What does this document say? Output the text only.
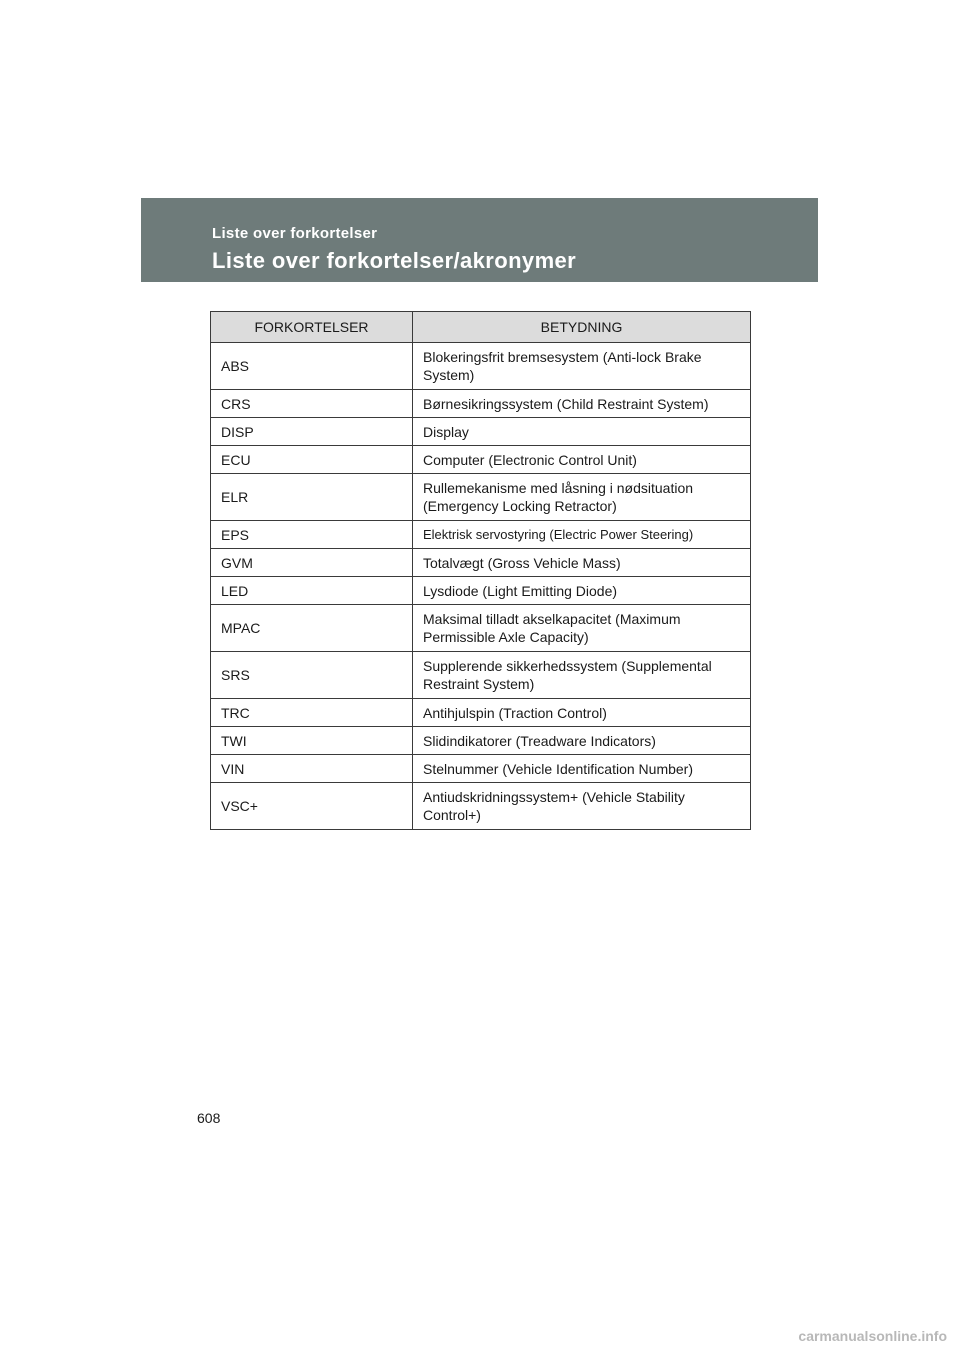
Liste over forkortelser
Liste over forkortelser/akronymer
FORKORTELSER	BETYDNING
ABS	Blokeringsfrit bremsesystem (Anti-lock Brake System)
CRS	Børnesikringssystem (Child Restraint System)
DISP	Display
ECU	Computer (Electronic Control Unit)
ELR	Rullemekanisme med låsning i nødsituation (Emergency Locking Retractor)
EPS	Elektrisk servostyring (Electric Power Steering)
GVM	Totalvægt (Gross Vehicle Mass)
LED	Lysdiode (Light Emitting Diode)
MPAC	Maksimal tilladt akselkapacitet (Maximum Permissible Axle Capacity)
SRS	Supplerende sikkerhedssystem (Supplemental Restraint System)
TRC	Antihjulspin (Traction Control)
TWI	Slidindikatorer (Treadware Indicators)
VIN	Stelnummer (Vehicle Identification Number)
VSC+	Antiudskridningssystem+ (Vehicle Stability Control+)
608
carmanualsonline.info
